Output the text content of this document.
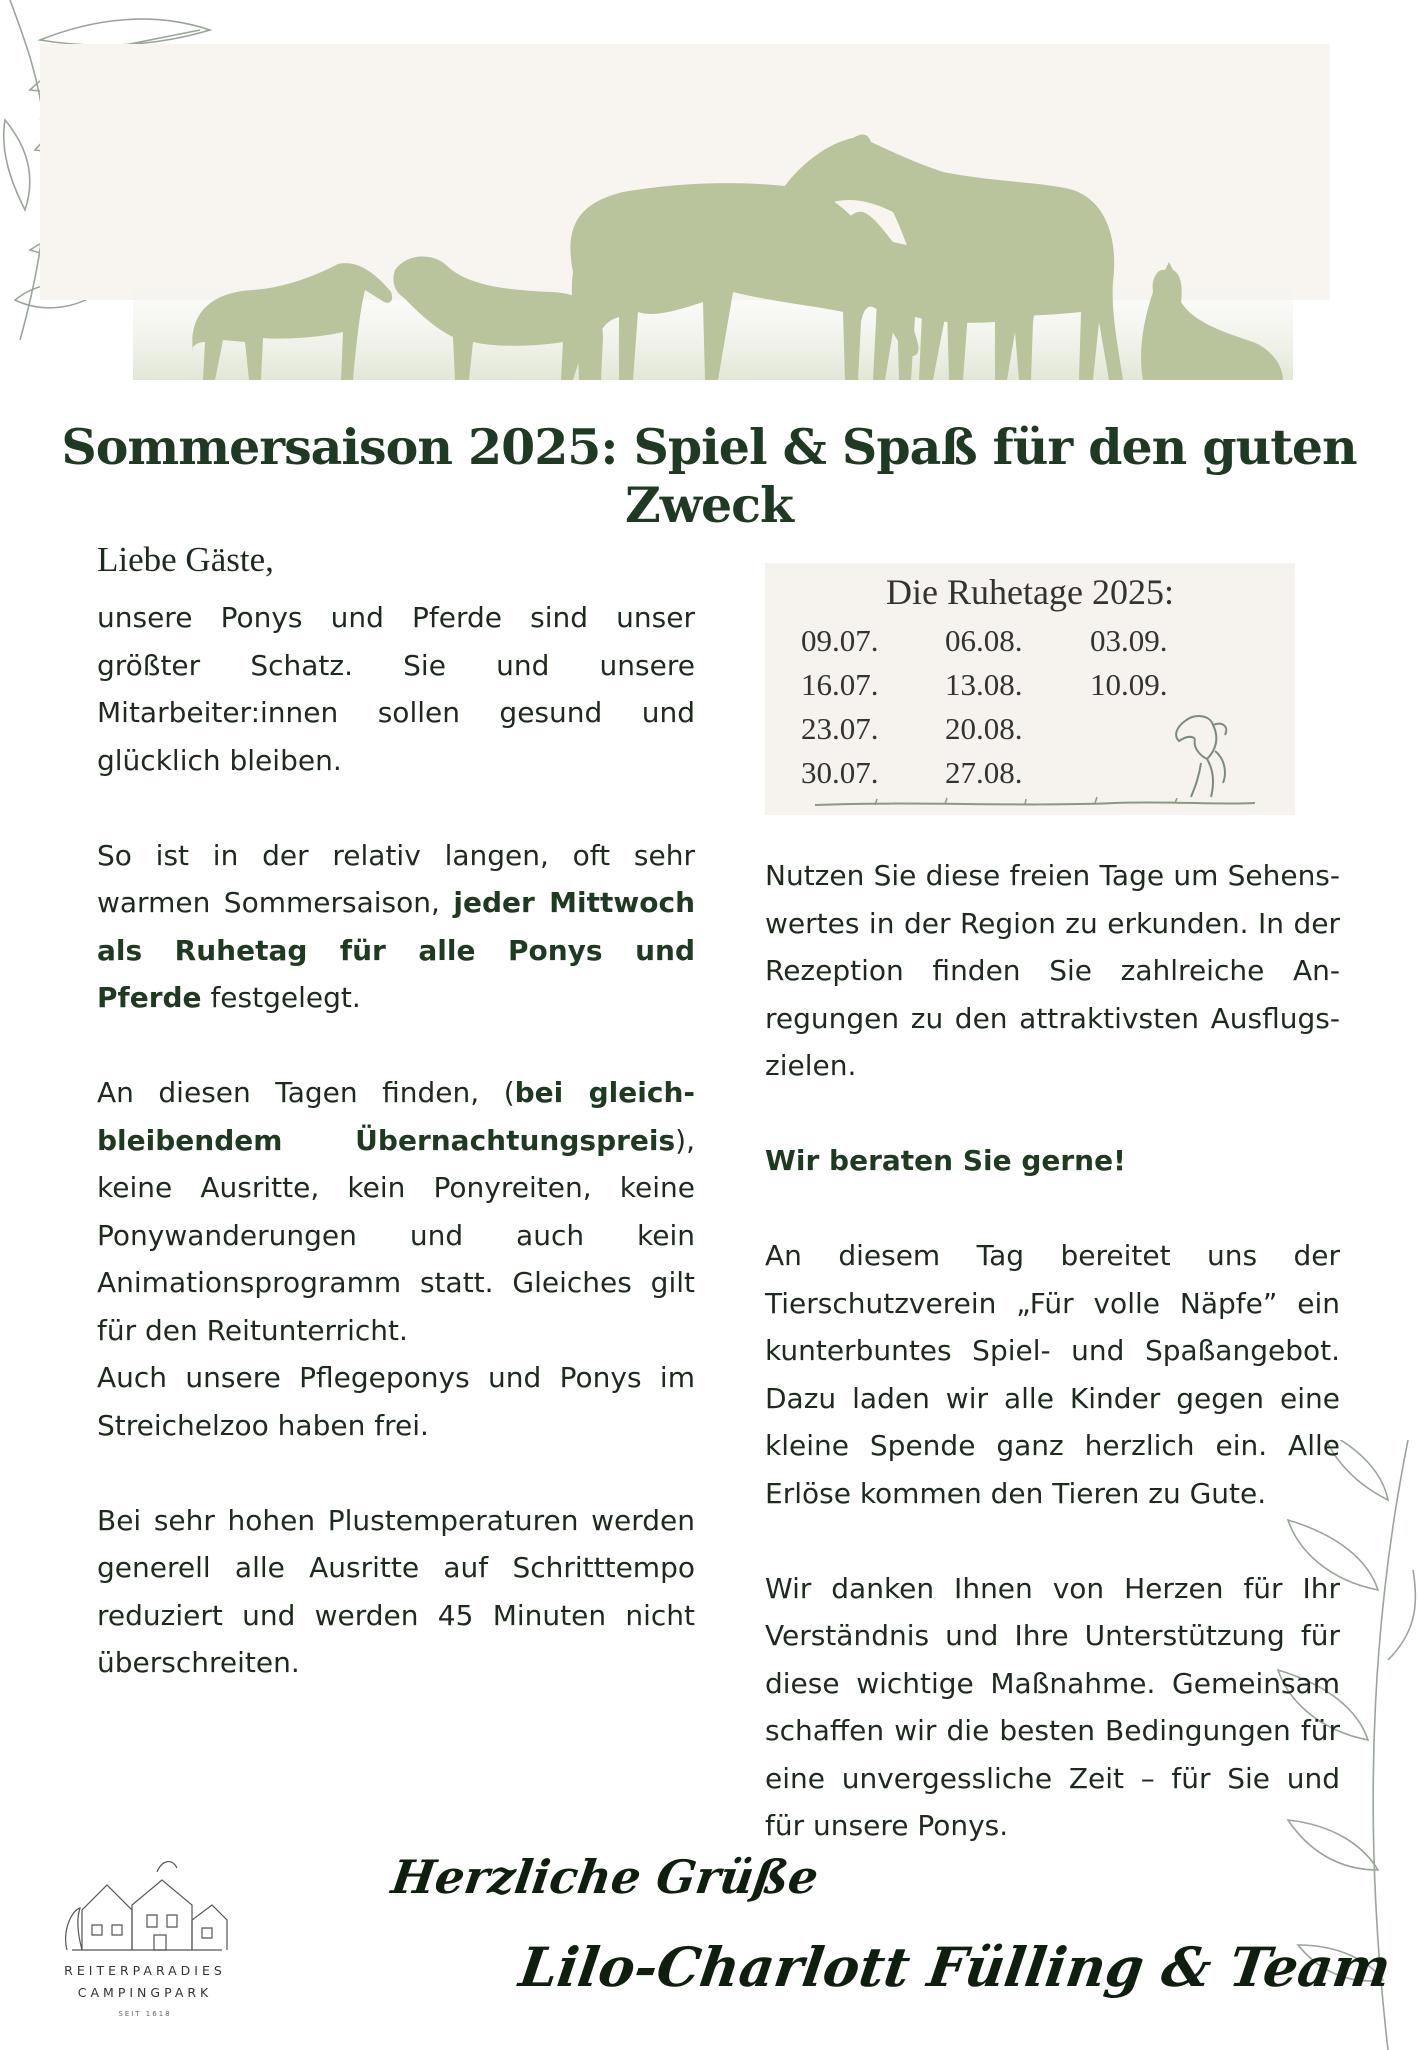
Sommersaison 2025: Spiel & Spaß für den guten Zweck

Liebe Gäste,

unsere Ponys und Pferde sind unser größter Schatz. Sie und unsere Mitarbeiter:innen sollen gesund und glücklich bleiben.

So ist in der relativ langen, oft sehr warmen Sommersaison, jeder Mittwoch als Ruhetag für alle Ponys und Pferde festgelegt.

An diesen Tagen finden, (bei gleich-bleibendem Übernachtungspreis), keine Ausritte, kein Ponyreiten, keine Ponywanderungen und auch kein Animationsprogramm statt. Gleiches gilt für den Reitunterricht.

Auch unsere Pflegeponys und Ponys im Streichelzoo haben frei.

Bei sehr hohen Plustemperaturen werden generell alle Ausritte auf Schritttempo reduziert und werden 45 Minuten nicht überschreiten.

Die Ruhetage 2025:
09.07.
16.07.
23.07.
30.07.
06.08.
13.08.
20.08.
27.08.
03.09.
10.09.

Nutzen Sie diese freien Tage um Sehens-wertes in der Region zu erkunden. In der Rezeption finden Sie zahlreiche An-regungen zu den attraktivsten Ausflugs-zielen.

Wir beraten Sie gerne!

An diesem Tag bereitet uns der Tierschutzverein „Für volle Näpfe” ein kunterbuntes Spiel- und Spaßangebot. Dazu laden wir alle Kinder gegen eine kleine Spende ganz herzlich ein. Alle Erlöse kommen den Tieren zu Gute.

Wir danken Ihnen von Herzen für Ihr Verständnis und Ihre Unterstützung für diese wichtige Maßnahme. Gemeinsam schaffen wir die besten Bedingungen für eine unvergessliche Zeit – für Sie und für unsere Ponys.

REITERPARADIES
CAMPINGPARK
SEIT 1618
Herzliche Grüße
Lilo-Charlott Fülling & Team
